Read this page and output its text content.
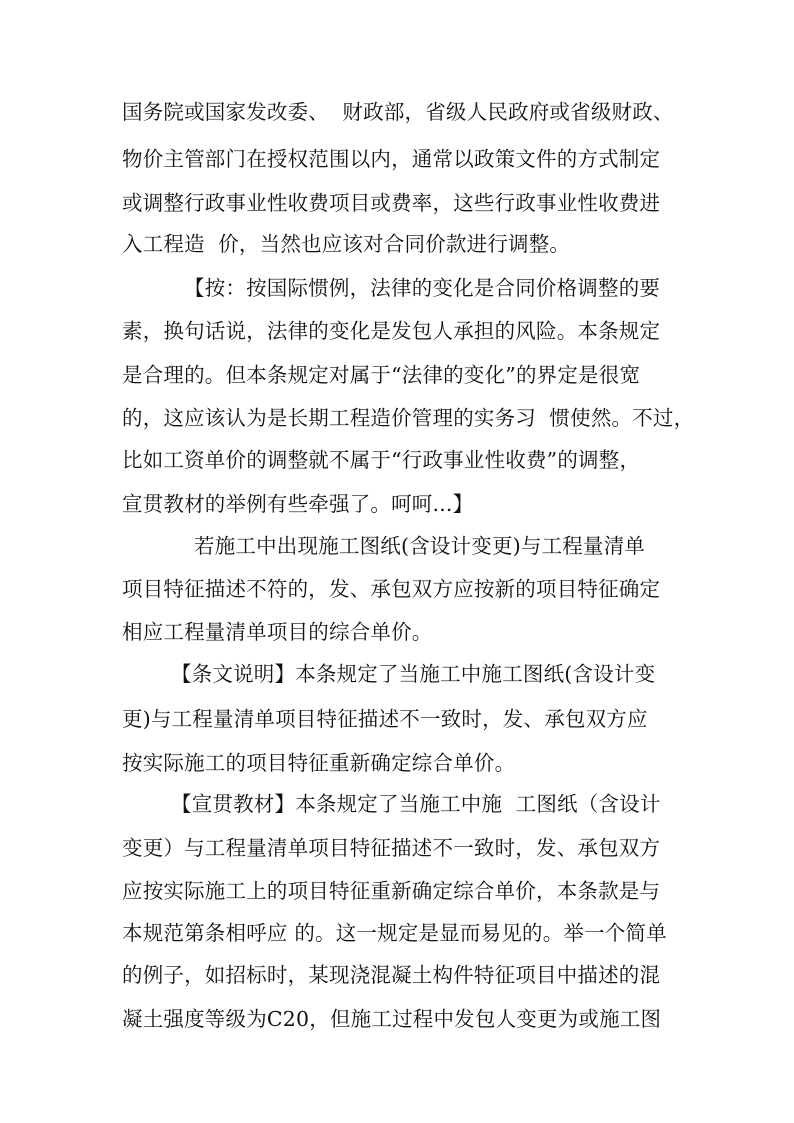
国务院或国家发改委、  财政部，省级人民政府或省级财政、
物价主管部门在授权范围以内，通常以政策文件的方式制定
或调整行政事业性收费项目或费率，这些行政事业性收费进
入工程造  价，当然也应该对合同价款进行调整。
【按：按国际惯例，法律的变化是合同价格调整的要
素，换句话说，法律的变化是发包人承担的风险。本条规定
是合理的。但本条规定对属于“法律的变化”的界定是很宽
的，这应该认为是长期工程造价管理的实务习  惯使然。不过，
比如工资单价的调整就不属于“行政事业性收费”的调整，
宣贯教材的举例有些牵强了。呵呵...】
若施工中出现施工图纸(含设计变更)与工程量清单
项目特征描述不符的，发、承包双方应按新的项目特征确定
相应工程量清单项目的综合单价。
【条文说明】本条规定了当施工中施工图纸(含设计变
更)与工程量清单项目特征描述不一致时，发、承包双方应
按实际施工的项目特征重新确定综合单价。
【宣贯教材】本条规定了当施工中施  工图纸（含设计
变更）与工程量清单项目特征描述不一致时，发、承包双方
应按实际施工上的项目特征重新确定综合单价，本条款是与
本规范第条相呼应 的。这一规定是显而易见的。举一个简单
的例子，如招标时，某现浇混凝土构件特征项目中描述的混
凝土强度等级为C20，但施工过程中发包人变更为或施工图
